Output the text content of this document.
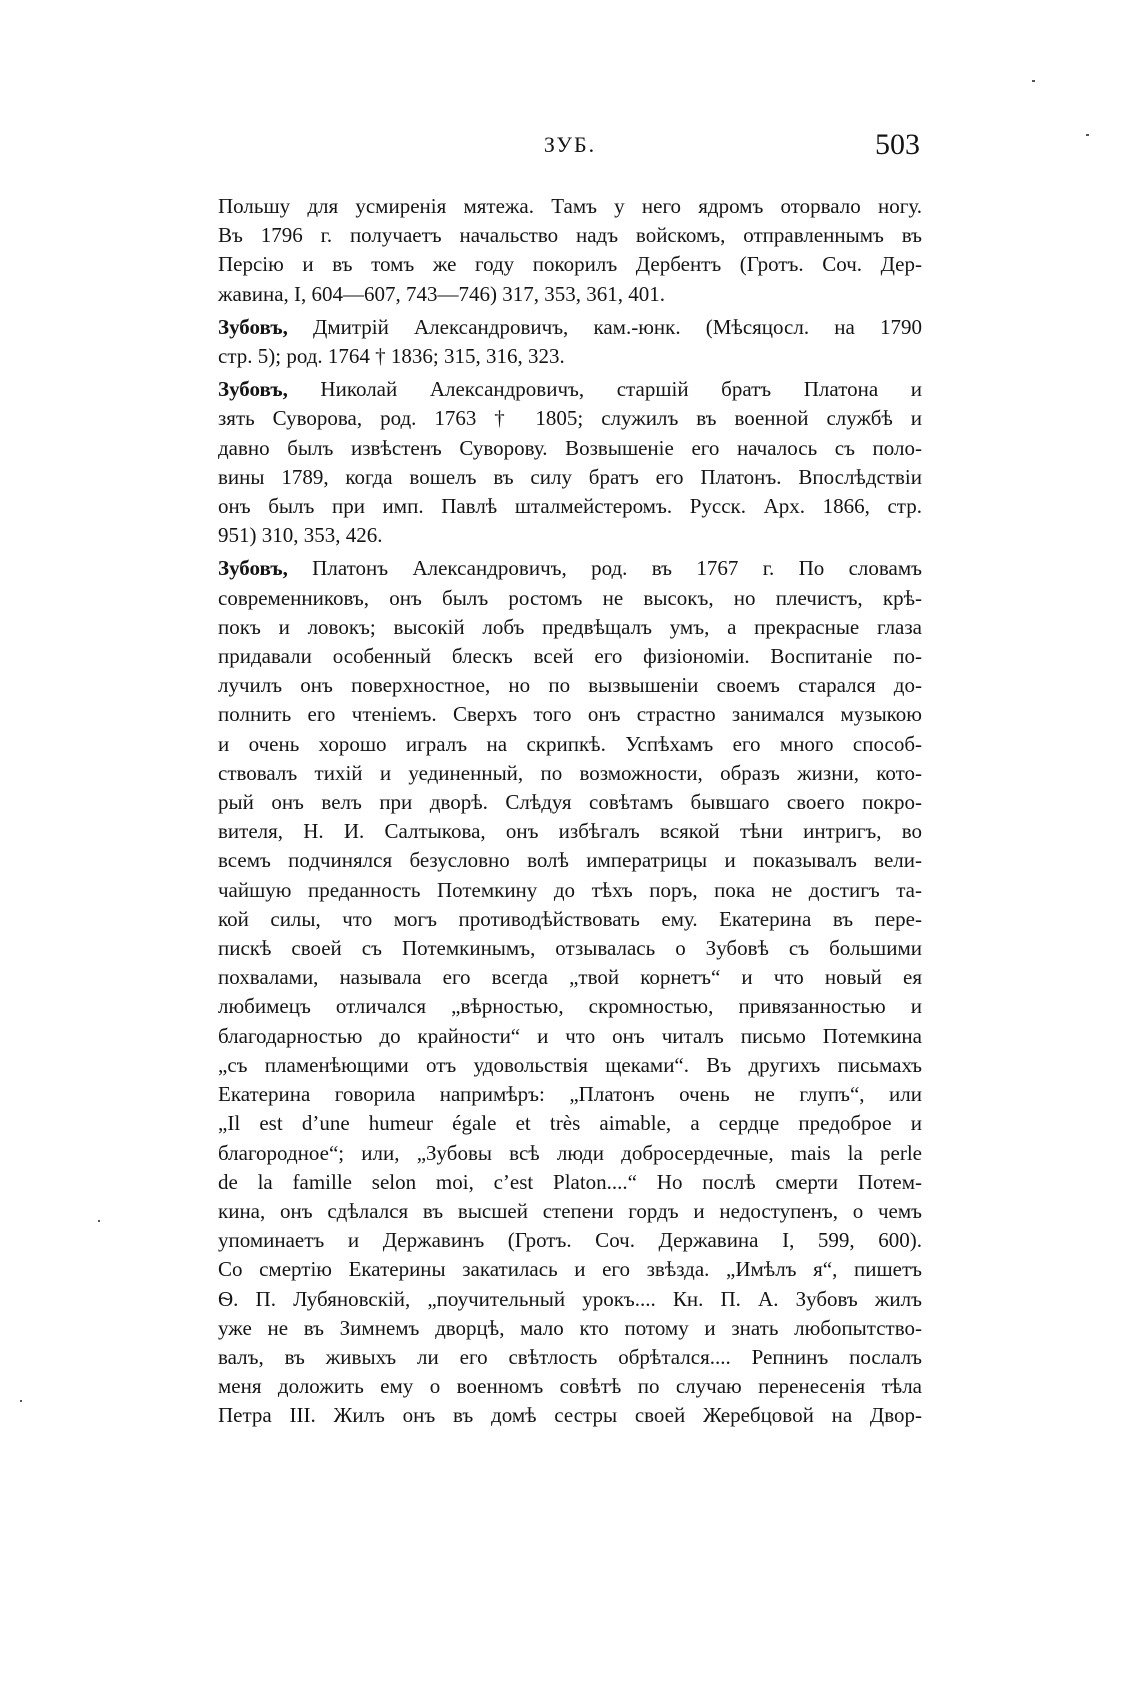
ЗУБ.	503
Польшу для усмиренія мятежа. Тамъ у него ядромъ оторвало ногу.
Въ 1796 г. получаетъ начальство надъ войскомъ, отправленнымъ въ
Персію и въ томъ же году покорилъ Дербентъ (Гротъ. Соч. Дер-
жавина, I, 604—607, 743—746) 317, 353, 361, 401.
Зубовъ, Дмитрій Александровичъ, кам.-юнк. (Мѣсяцосл. на 1790
стр. 5); род. 1764 † 1836; 315, 316, 323.
Зубовъ, Николай Александровичъ, старшій братъ Платона и
зять Суворова, род. 1763 † 1805; служилъ въ военной службѣ и
давно былъ извѣстенъ Суворову. Возвышеніе его началось съ поло-
вины 1789, когда вошелъ въ силу братъ его Платонъ. Впослѣдствіи
онъ былъ при имп. Павлѣ шталмейстеромъ. Русск. Арх. 1866, стр.
951) 310, 353, 426.
Зубовъ, Платонъ Александровичъ, род. въ 1767 г. По словамъ
современниковъ, онъ былъ ростомъ не высокъ, но плечистъ, крѣ-
покъ и ловокъ; высокій лобъ предвѣщалъ умъ, а прекрасные глаза
придавали особенный блескъ всей его физіономіи. Воспитаніе по-
лучилъ онъ поверхностное, но по вызвышеніи своемъ старался до-
полнить его чтеніемъ. Сверхъ того онъ страстно занимался музыкою
и очень хорошо игралъ на скрипкѣ. Успѣхамъ его много способ-
ствовалъ тихій и уединенный, по возможности, образъ жизни, кото-
рый онъ велъ при дворѣ. Слѣдуя совѣтамъ бывшаго своего покро-
вителя, Н. И. Салтыкова, онъ избѣгалъ всякой тѣни интригъ, во
всемъ подчинялся безусловно волѣ императрицы и показывалъ вели-
чайшую преданность Потемкину до тѣхъ поръ, пока не достигъ та-
кой силы, что могъ противодѣйствовать ему. Екатерина въ пере-
пискѣ своей съ Потемкинымъ, отзывалась о Зубовѣ съ большими
похвалами, называла его всегда „твой корнетъ“ и что новый ея
любимецъ отличался „вѣрностью, скромностью, привязанностью и
благодарностью до крайности“ и что онъ читалъ письмо Потемкина
„съ пламенѣющими отъ удовольствія щеками“. Въ другихъ письмахъ
Екатерина говорила напримѣръ: „Платонъ очень не глупъ“, или
„Il est d’une humeur égale et très aimable, а сердце предоброе и
благородное“; или, „Зубовы всѣ люди добросердечные, mais la perle
de la famille selon moi, c’est Platon....“ Но послѣ смерти Потем-
кина, онъ сдѣлался въ высшей степени гордъ и недоступенъ, о чемъ
упоминаетъ и Державинъ (Гротъ. Соч. Державина I, 599, 600).
Со смертію Екатерины закатилась и его звѣзда. „Имѣлъ я“, пишетъ
Ѳ. П. Лубяновскій, „поучительный урокъ.... Кн. П. А. Зубовъ жилъ
уже не въ Зимнемъ дворцѣ, мало кто потому и знать любопытство-
валъ, въ живыхъ ли его свѣтлость обрѣтался.... Репнинъ послалъ
меня доложить ему о военномъ совѣтѣ по случаю перенесенія тѣла
Петра III. Жилъ онъ въ домѣ сестры своей Жеребцовой на Двор-
